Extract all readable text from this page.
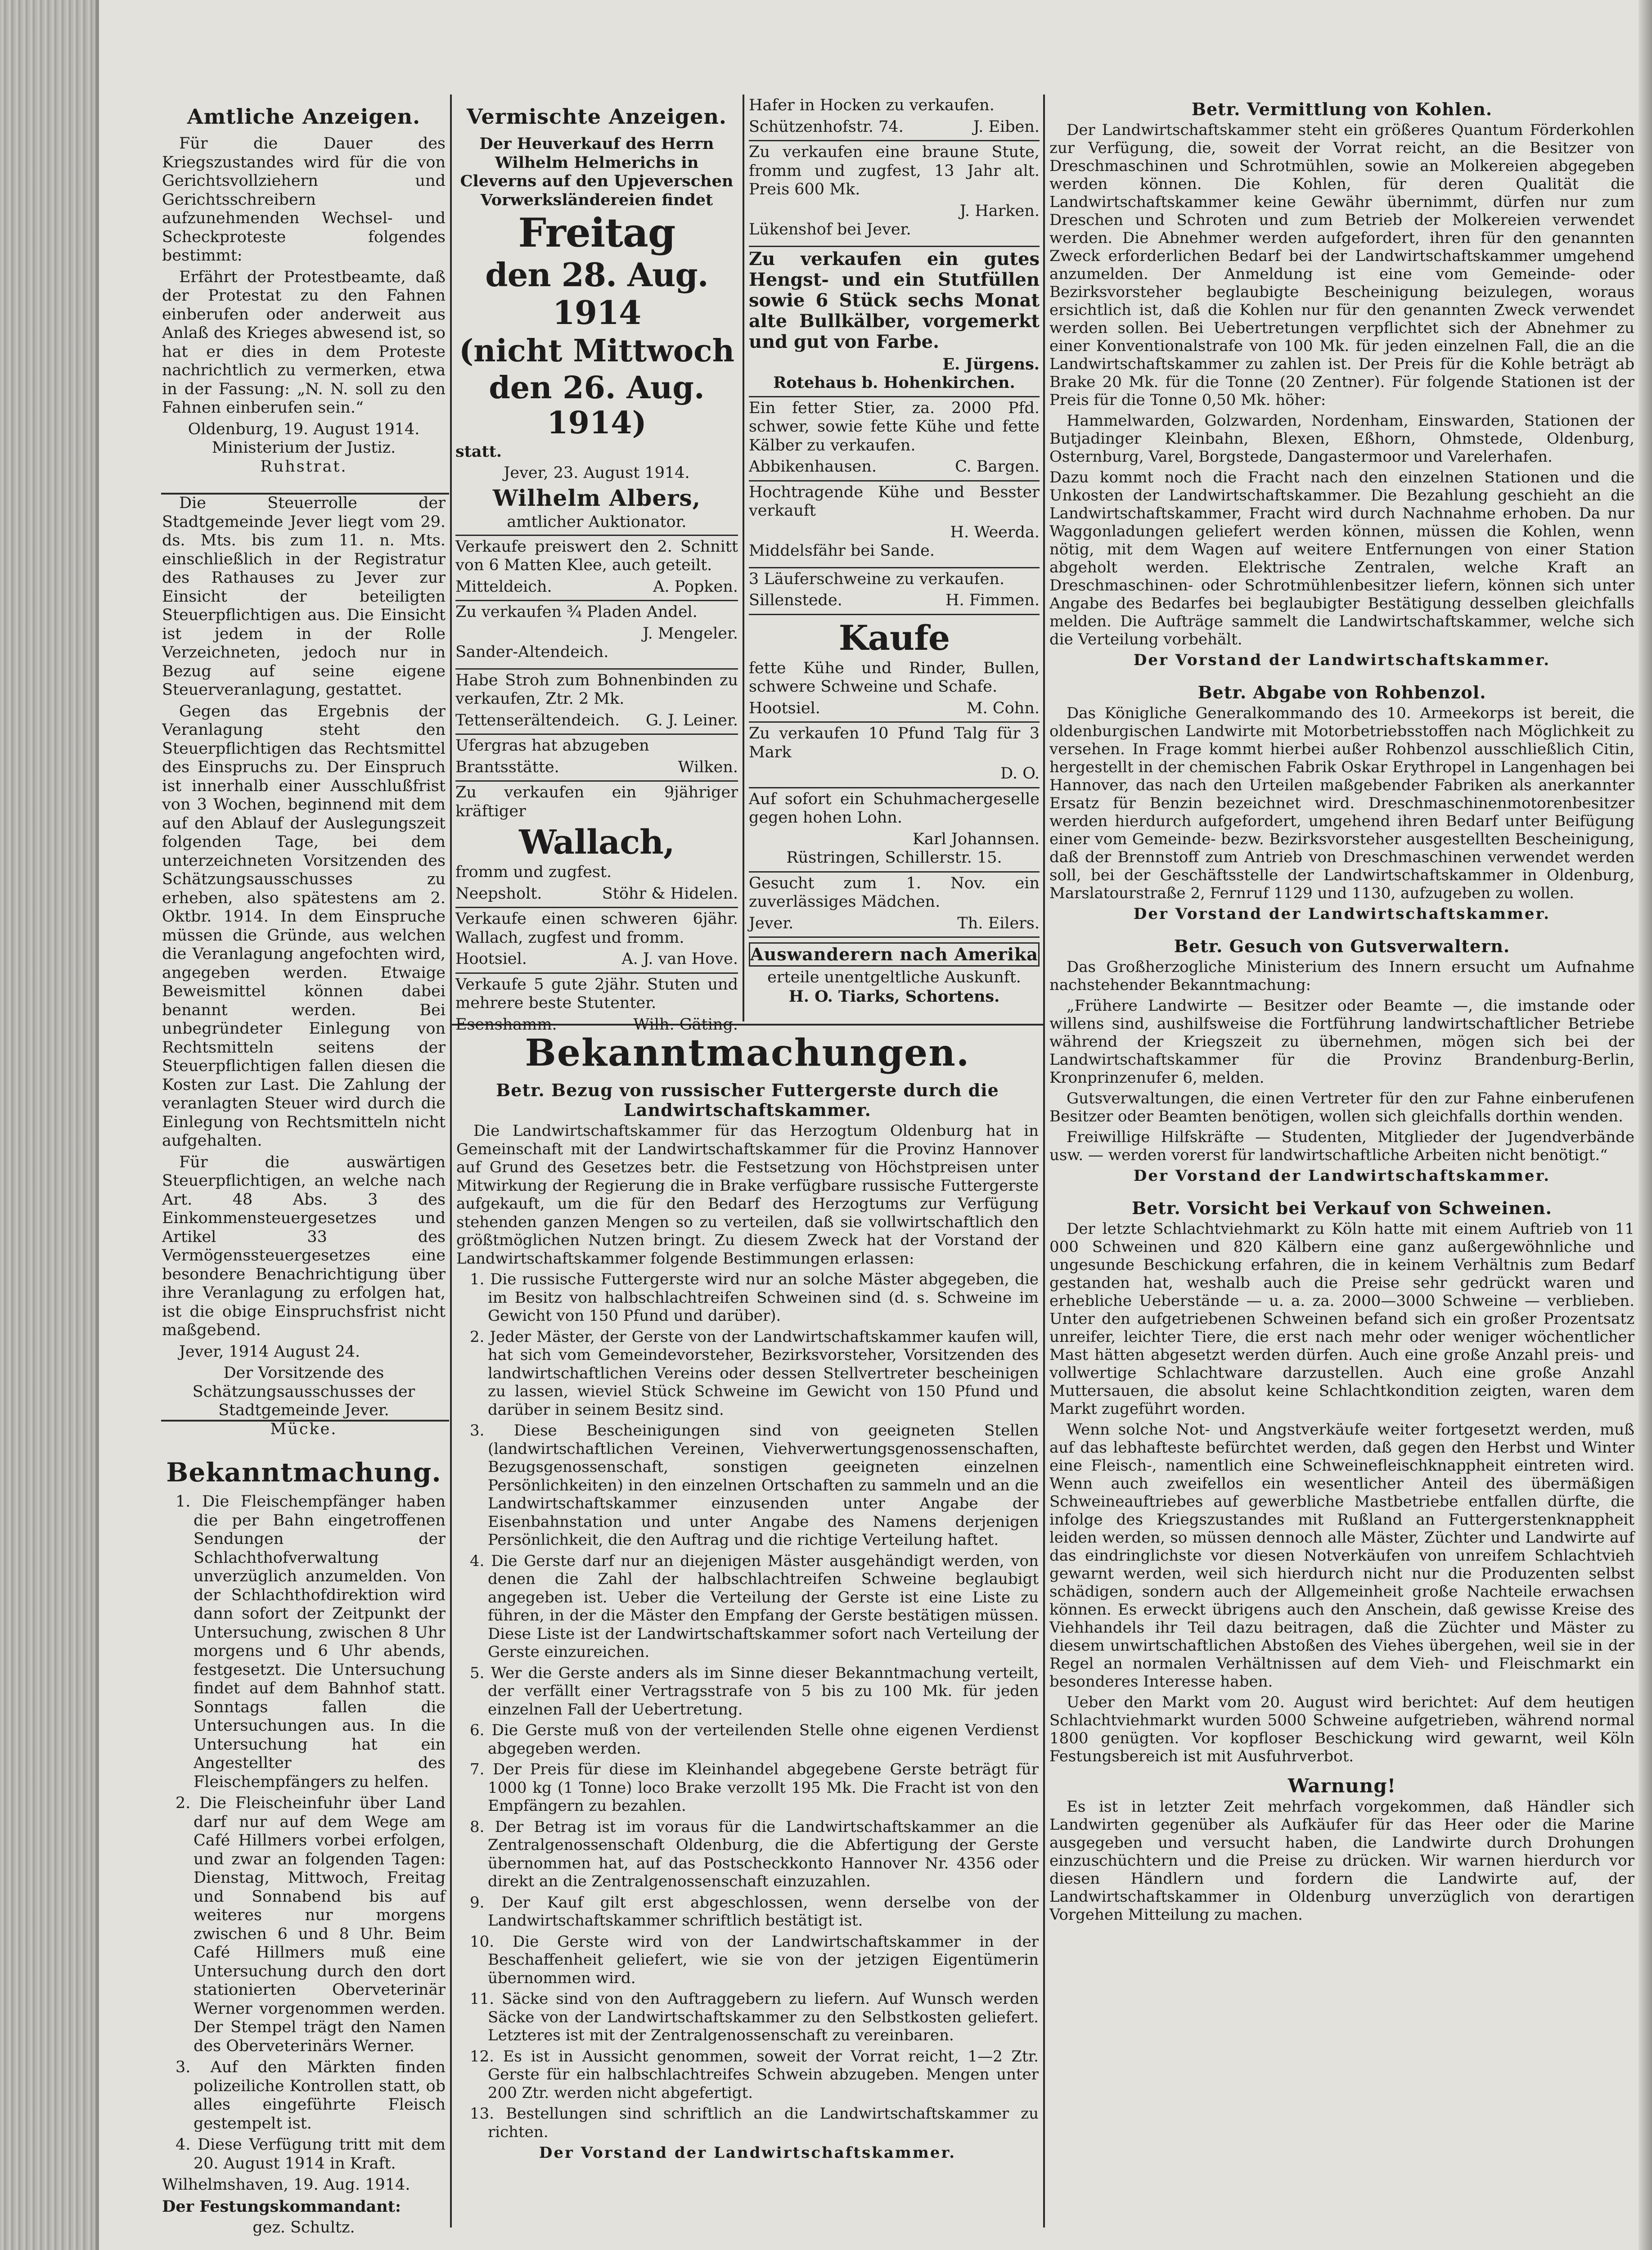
Amtliche Anzeigen.

Für die Dauer des Kriegszustandes wird für die von Gerichtsvollziehern und Gerichtsschreibern aufzunehmenden Wechsel- und Scheckproteste folgendes bestimmt:

Erfährt der Protestbeamte, daß der Protestat zu den Fahnen einberufen oder anderweit aus Anlaß des Krieges abwesend ist, so hat er dies in dem Proteste nachrichtlich zu vermerken, etwa in der Fassung: „N. N. soll zu den Fahnen einberufen sein.“

Oldenburg, 19. August 1914.

Ministerium der Justiz.

Ruhstrat.

Die Steuerrolle der Stadtgemeinde Jever liegt vom 29. ds. Mts. bis zum 11. n. Mts. einschließlich in der Registratur des Rathauses zu Jever zur Einsicht der beteiligten Steuerpflichtigen aus. Die Einsicht ist jedem in der Rolle Verzeichneten, jedoch nur in Bezug auf seine eigene Steuerveranlagung, gestattet.

Gegen das Ergebnis der Veranlagung steht den Steuerpflichtigen das Rechtsmittel des Einspruchs zu. Der Einspruch ist innerhalb einer Ausschlußfrist von 3 Wochen, beginnend mit dem auf den Ablauf der Auslegungszeit folgenden Tage, bei dem unterzeichneten Vorsitzenden des Schätzungsausschusses zu erheben, also spätestens am 2. Oktbr. 1914. In dem Einspruche müssen die Gründe, aus welchen die Veranlagung angefochten wird, angegeben werden. Etwaige Beweismittel können dabei benannt werden. Bei unbegründeter Einlegung von Rechtsmitteln seitens der Steuerpflichtigen fallen diesen die Kosten zur Last. Die Zahlung der veranlagten Steuer wird durch die Einlegung von Rechtsmitteln nicht aufgehalten.

Für die auswärtigen Steuerpflichtigen, an welche nach Art. 48 Abs. 3 des Einkommensteuergesetzes und Artikel 33 des Vermögenssteuergesetzes eine besondere Benachrichtigung über ihre Veranlagung zu erfolgen hat, ist die obige Einspruchsfrist nicht maßgebend.

Jever, 1914 August 24.

Der Vorsitzende des Schätzungsausschusses der Stadtgemeinde Jever.

Mücke.

Bekanntmachung.
1. Die Fleischempfänger haben die per Bahn eingetroffenen Sendungen der Schlachthofverwaltung unverzüglich anzumelden. Von der Schlachthofdirektion wird dann sofort der Zeitpunkt der Untersuchung, zwischen 8 Uhr morgens und 6 Uhr abends, festgesetzt. Die Untersuchung findet auf dem Bahnhof statt. Sonntags fallen die Untersuchungen aus. In die Untersuchung hat ein Angestellter des Fleischempfängers zu helfen.
2. Die Fleischeinfuhr über Land darf nur auf dem Wege am Café Hillmers vorbei erfolgen, und zwar an folgenden Tagen: Dienstag, Mittwoch, Freitag und Sonnabend bis auf weiteres nur morgens zwischen 6 und 8 Uhr. Beim Café Hillmers muß eine Untersuchung durch den dort stationierten Oberveterinär Werner vorgenommen werden. Der Stempel trägt den Namen des Oberveterinärs Werner.
3. Auf den Märkten finden polizeiliche Kontrollen statt, ob alles eingeführte Fleisch gestempelt ist.
4. Diese Verfügung tritt mit dem 20. August 1914 in Kraft.

Wilhelmshaven, 19. Aug. 1914.

Der Festungskommandant:

gez. Schultz.

Vermischte Anzeigen.

Der Heuverkauf des Herrn Wilhelm Helmerichs in Cleverns auf den Upjeverschen Vorwerksländereien findet

Freitag
den 28. Aug. 1914
(nicht Mittwoch
den 26. Aug. 1914)

statt.

Jever, 23. August 1914.

Wilhelm Albers,

amtlicher Auktionator.

Verkaufe preiswert den 2. Schnitt von 6 Matten Klee, auch geteilt.

Mitteldeich.	A. Popken.

Zu verkaufen ¾ Pladen Andel.

J. Mengeler.

Sander-Altendeich.

Habe Stroh zum Bohnenbinden zu verkaufen, Ztr. 2 Mk.

Tettenserältendeich. G. J. Leiner.

Ufergras hat abzugeben

Brantsstätte.	Wilken.

Zu verkaufen ein 9jähriger kräftiger

Wallach,

fromm und zugfest.

Neepsholt.	Stöhr & Hidelen.

Verkaufe einen schweren 6jähr. Wallach, zugfest und fromm.

Hootsiel.	A. J. van Hove.

Verkaufe 5 gute 2jähr. Stuten und mehrere beste Stutenter.

Esenshamm.	Wilh. Gäting.

Hafer in Hocken zu verkaufen.

Schützenhofstr. 74.	J. Eiben.

Zu verkaufen eine braune Stute, fromm und zugfest, 13 Jahr alt. Preis 600 Mk.

J. Harken.

Lükenshof bei Jever.

Zu verkaufen ein gutes Hengst- und ein Stutfüllen sowie 6 Stück sechs Monat alte Bullkälber, vorgemerkt und gut von Farbe.

E. Jürgens.

Rotehaus b. Hohenkirchen.

Ein fetter Stier, za. 2000 Pfd. schwer, sowie fette Kühe und fette Kälber zu verkaufen.

Abbikenhausen.	C. Bargen.

Hochtragende Kühe und Besster verkauft

H. Weerda.

Middelsfähr bei Sande.

3 Läuferschweine zu verkaufen.

Sillenstede.	H. Fimmen.
Kaufe

fette Kühe und Rinder, Bullen, schwere Schweine und Schafe.

Hootsiel.	M. Cohn.

Zu verkaufen 10 Pfund Talg für 3 Mark

D. O.

Auf sofort ein Schuhmachergeselle gegen hohen Lohn.

Karl Johannsen.

Rüstringen, Schillerstr. 15.

Gesucht zum 1. Nov. ein zuverlässiges Mädchen.

Jever.	Th. Eilers.
Auswanderern nach Amerika

erteile unentgeltliche Auskunft.

H. O. Tiarks, Schortens.

Bekanntmachungen.
Betr. Bezug von russischer Futtergerste durch die Landwirtschaftskammer.

Die Landwirtschaftskammer für das Herzogtum Oldenburg hat in Gemeinschaft mit der Landwirtschaftskammer für die Provinz Hannover auf Grund des Gesetzes betr. die Festsetzung von Höchstpreisen unter Mitwirkung der Regierung die in Brake verfügbare russische Futtergerste aufgekauft, um die für den Bedarf des Herzogtums zur Verfügung stehenden ganzen Mengen so zu verteilen, daß sie vollwirtschaftlich den größtmöglichen Nutzen bringt. Zu diesem Zweck hat der Vorstand der Landwirtschaftskammer folgende Bestimmungen erlassen:

1. Die russische Futtergerste wird nur an solche Mäster abgegeben, die im Besitz von halbschlachtreifen Schweinen sind (d. s. Schweine im Gewicht von 150 Pfund und darüber).
2. Jeder Mäster, der Gerste von der Landwirtschaftskammer kaufen will, hat sich vom Gemeindevorsteher, Bezirksvorsteher, Vorsitzenden des landwirtschaftlichen Vereins oder dessen Stellvertreter bescheinigen zu lassen, wieviel Stück Schweine im Gewicht von 150 Pfund und darüber in seinem Besitz sind.
3. Diese Bescheinigungen sind von geeigneten Stellen (landwirtschaftlichen Vereinen, Viehverwertungsgenossenschaften, Bezugsgenossenschaft, sonstigen geeigneten einzelnen Persönlichkeiten) in den einzelnen Ortschaften zu sammeln und an die Landwirtschaftskammer einzusenden unter Angabe der Eisenbahnstation und unter Angabe des Namens derjenigen Persönlichkeit, die den Auftrag und die richtige Verteilung haftet.
4. Die Gerste darf nur an diejenigen Mäster ausgehändigt werden, von denen die Zahl der halbschlachtreifen Schweine beglaubigt angegeben ist. Ueber die Verteilung der Gerste ist eine Liste zu führen, in der die Mäster den Empfang der Gerste bestätigen müssen. Diese Liste ist der Landwirtschaftskammer sofort nach Verteilung der Gerste einzureichen.
5. Wer die Gerste anders als im Sinne dieser Bekanntmachung verteilt, der verfällt einer Vertragsstrafe von 5 bis zu 100 Mk. für jeden einzelnen Fall der Uebertretung.
6. Die Gerste muß von der verteilenden Stelle ohne eigenen Verdienst abgegeben werden.
7. Der Preis für diese im Kleinhandel abgegebene Gerste beträgt für 1000 kg (1 Tonne) loco Brake verzollt 195 Mk. Die Fracht ist von den Empfängern zu bezahlen.
8. Der Betrag ist im voraus für die Landwirtschaftskammer an die Zentralgenossenschaft Oldenburg, die die Abfertigung der Gerste übernommen hat, auf das Postscheckkonto Hannover Nr. 4356 oder direkt an die Zentralgenossenschaft einzuzahlen.
9. Der Kauf gilt erst abgeschlossen, wenn derselbe von der Landwirtschaftskammer schriftlich bestätigt ist.
10. Die Gerste wird von der Landwirtschaftskammer in der Beschaffenheit geliefert, wie sie von der jetzigen Eigentümerin übernommen wird.
11. Säcke sind von den Auftraggebern zu liefern. Auf Wunsch werden Säcke von der Landwirtschaftskammer zu den Selbstkosten geliefert. Letzteres ist mit der Zentralgenossenschaft zu vereinbaren.
12. Es ist in Aussicht genommen, soweit der Vorrat reicht, 1—2 Ztr. Gerste für ein halbschlachtreifes Schwein abzugeben. Mengen unter 200 Ztr. werden nicht abgefertigt.
13. Bestellungen sind schriftlich an die Landwirtschaftskammer zu richten.

Der Vorstand der Landwirtschaftskammer.

Betr. Vermittlung von Kohlen.

Der Landwirtschaftskammer steht ein größeres Quantum Förderkohlen zur Verfügung, die, soweit der Vorrat reicht, an die Besitzer von Dreschmaschinen und Schrotmühlen, sowie an Molkereien abgegeben werden können. Die Kohlen, für deren Qualität die Landwirtschaftskammer keine Gewähr übernimmt, dürfen nur zum Dreschen und Schroten und zum Betrieb der Molkereien verwendet werden. Die Abnehmer werden aufgefordert, ihren für den genannten Zweck erforderlichen Bedarf bei der Landwirtschaftskammer umgehend anzumelden. Der Anmeldung ist eine vom Gemeinde- oder Bezirksvorsteher beglaubigte Bescheinigung beizulegen, woraus ersichtlich ist, daß die Kohlen nur für den genannten Zweck verwendet werden sollen. Bei Uebertretungen verpflichtet sich der Abnehmer zu einer Konventionalstrafe von 100 Mk. für jeden einzelnen Fall, die an die Landwirtschaftskammer zu zahlen ist. Der Preis für die Kohle beträgt ab Brake 20 Mk. für die Tonne (20 Zentner). Für folgende Stationen ist der Preis für die Tonne 0,50 Mk. höher:

Hammelwarden, Golzwarden, Nordenham, Einswarden, Stationen der Butjadinger Kleinbahn, Blexen, Eßhorn, Ohmstede, Oldenburg, Osternburg, Varel, Borgstede, Dangastermoor und Varelerhafen.

Dazu kommt noch die Fracht nach den einzelnen Stationen und die Unkosten der Landwirtschaftskammer. Die Bezahlung geschieht an die Landwirtschaftskammer, Fracht wird durch Nachnahme erhoben. Da nur Waggonladungen geliefert werden können, müssen die Kohlen, wenn nötig, mit dem Wagen auf weitere Entfernungen von einer Station abgeholt werden. Elektrische Zentralen, welche Kraft an Dreschmaschinen- oder Schrotmühlenbesitzer liefern, können sich unter Angabe des Bedarfes bei beglaubigter Bestätigung desselben gleichfalls melden. Die Aufträge sammelt die Landwirtschaftskammer, welche sich die Verteilung vorbehält.

Der Vorstand der Landwirtschaftskammer.

Betr. Abgabe von Rohbenzol.

Das Königliche Generalkommando des 10. Armeekorps ist bereit, die oldenburgischen Landwirte mit Motorbetriebsstoffen nach Möglichkeit zu versehen. In Frage kommt hierbei außer Rohbenzol ausschließlich Citin, hergestellt in der chemischen Fabrik Oskar Erythropel in Langenhagen bei Hannover, das nach den Urteilen maßgebender Fabriken als anerkannter Ersatz für Benzin bezeichnet wird. Dreschmaschinenmotorenbesitzer werden hierdurch aufgefordert, umgehend ihren Bedarf unter Beifügung einer vom Gemeinde- bezw. Bezirksvorsteher ausgestellten Bescheinigung, daß der Brennstoff zum Antrieb von Dreschmaschinen verwendet werden soll, bei der Geschäftsstelle der Landwirtschaftskammer in Oldenburg, Marslatourstraße 2, Fernruf 1129 und 1130, aufzugeben zu wollen.

Der Vorstand der Landwirtschaftskammer.

Betr. Gesuch von Gutsverwaltern.

Das Großherzogliche Ministerium des Innern ersucht um Aufnahme nachstehender Bekanntmachung:

„Frühere Landwirte — Besitzer oder Beamte —, die imstande oder willens sind, aushilfsweise die Fortführung landwirtschaftlicher Betriebe während der Kriegszeit zu übernehmen, mögen sich bei der Landwirtschaftskammer für die Provinz Brandenburg-Berlin, Kronprinzenufer 6, melden.

Gutsverwaltungen, die einen Vertreter für den zur Fahne einberufenen Besitzer oder Beamten benötigen, wollen sich gleichfalls dorthin wenden.

Freiwillige Hilfskräfte — Studenten, Mitglieder der Jugendverbände usw. — werden vorerst für landwirtschaftliche Arbeiten nicht benötigt.“

Der Vorstand der Landwirtschaftskammer.

Betr. Vorsicht bei Verkauf von Schweinen.

Der letzte Schlachtviehmarkt zu Köln hatte mit einem Auftrieb von 11 000 Schweinen und 820 Kälbern eine ganz außergewöhnliche und ungesunde Beschickung erfahren, die in keinem Verhältnis zum Bedarf gestanden hat, weshalb auch die Preise sehr gedrückt waren und erhebliche Ueberstände — u. a. za. 2000—3000 Schweine — verblieben. Unter den aufgetriebenen Schweinen befand sich ein großer Prozentsatz unreifer, leichter Tiere, die erst nach mehr oder weniger wöchentlicher Mast hätten abgesetzt werden dürfen. Auch eine große Anzahl preis- und vollwertige Schlachtware darzustellen. Auch eine große Anzahl Muttersauen, die absolut keine Schlachtkondition zeigten, waren dem Markt zugeführt worden.

Wenn solche Not- und Angstverkäufe weiter fortgesetzt werden, muß auf das lebhafteste befürchtet werden, daß gegen den Herbst und Winter eine Fleisch-, namentlich eine Schweinefleischknappheit eintreten wird. Wenn auch zweifellos ein wesentlicher Anteil des übermäßigen Schweineauftriebes auf gewerbliche Mastbetriebe entfallen dürfte, die infolge des Kriegszustandes mit Rußland an Futtergerstenknappheit leiden werden, so müssen dennoch alle Mäster, Züchter und Landwirte auf das eindringlichste vor diesen Notverkäufen von unreifem Schlachtvieh gewarnt werden, weil sich hierdurch nicht nur die Produzenten selbst schädigen, sondern auch der Allgemeinheit große Nachteile erwachsen können. Es erweckt übrigens auch den Anschein, daß gewisse Kreise des Viehhandels ihr Teil dazu beitragen, daß die Züchter und Mäster zu diesem unwirtschaftlichen Abstoßen des Viehes übergehen, weil sie in der Regel an normalen Verhältnissen auf dem Vieh- und Fleischmarkt ein besonderes Interesse haben.

Ueber den Markt vom 20. August wird berichtet: Auf dem heutigen Schlachtviehmarkt wurden 5000 Schweine aufgetrieben, während normal 1800 genügten. Vor kopfloser Beschickung wird gewarnt, weil Köln Festungsbereich ist mit Ausfuhrverbot.

Warnung!

Es ist in letzter Zeit mehrfach vorgekommen, daß Händler sich Landwirten gegenüber als Aufkäufer für das Heer oder die Marine ausgegeben und versucht haben, die Landwirte durch Drohungen einzuschüchtern und die Preise zu drücken. Wir warnen hierdurch vor diesen Händlern und fordern die Landwirte auf, der Landwirtschaftskammer in Oldenburg unverzüglich von derartigen Vorgehen Mitteilung zu machen.
